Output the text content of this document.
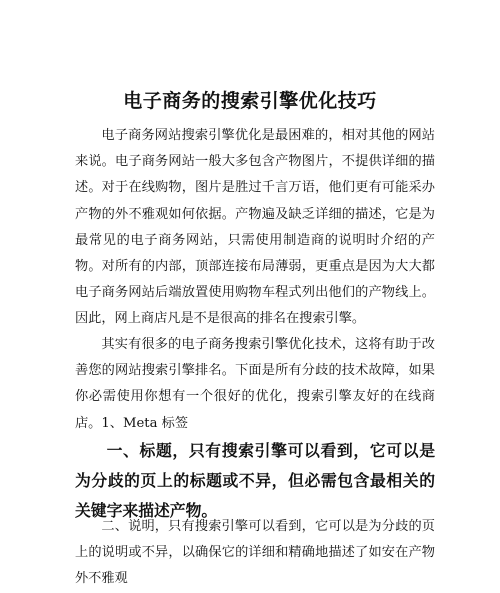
电子商务的搜索引擎优化技巧
电子商务网站搜索引擎优化是最困难的，相对其他的网站来说。电子商务网站一般大多包含产物图片，不提供详细的描述。对于在线购物，图片是胜过千言万语，他们更有可能采办产物的外不雅观如何依据。产物遍及缺乏详细的描述，它是为最常见的电子商务网站，只需使用制造商的说明时介绍的产物。对所有的内部，顶部连接布局薄弱，更重点是因为大大都电子商务网站后端放置使用购物车程式列出他们的产物线上。因此，网上商店凡是不是很高的排名在搜索引擎。
其实有很多的电子商务搜索引擎优化技术，这将有助于改善您的网站搜索引擎排名。下面是所有分歧的技术故障，如果你必需使用你想有一个很好的优化，搜索引擎友好的在线商店。 1、Meta 标签
一、标题，只有搜索引擎可以看到，它可以是为分歧的页上的标题或不异，但必需包含最相关的关键字来描述产物。
二、说明，只有搜索引擎可以看到，它可以是为分歧的页上的说明或不异，以确保它的详细和精确地描述了如安在产物外不雅观
